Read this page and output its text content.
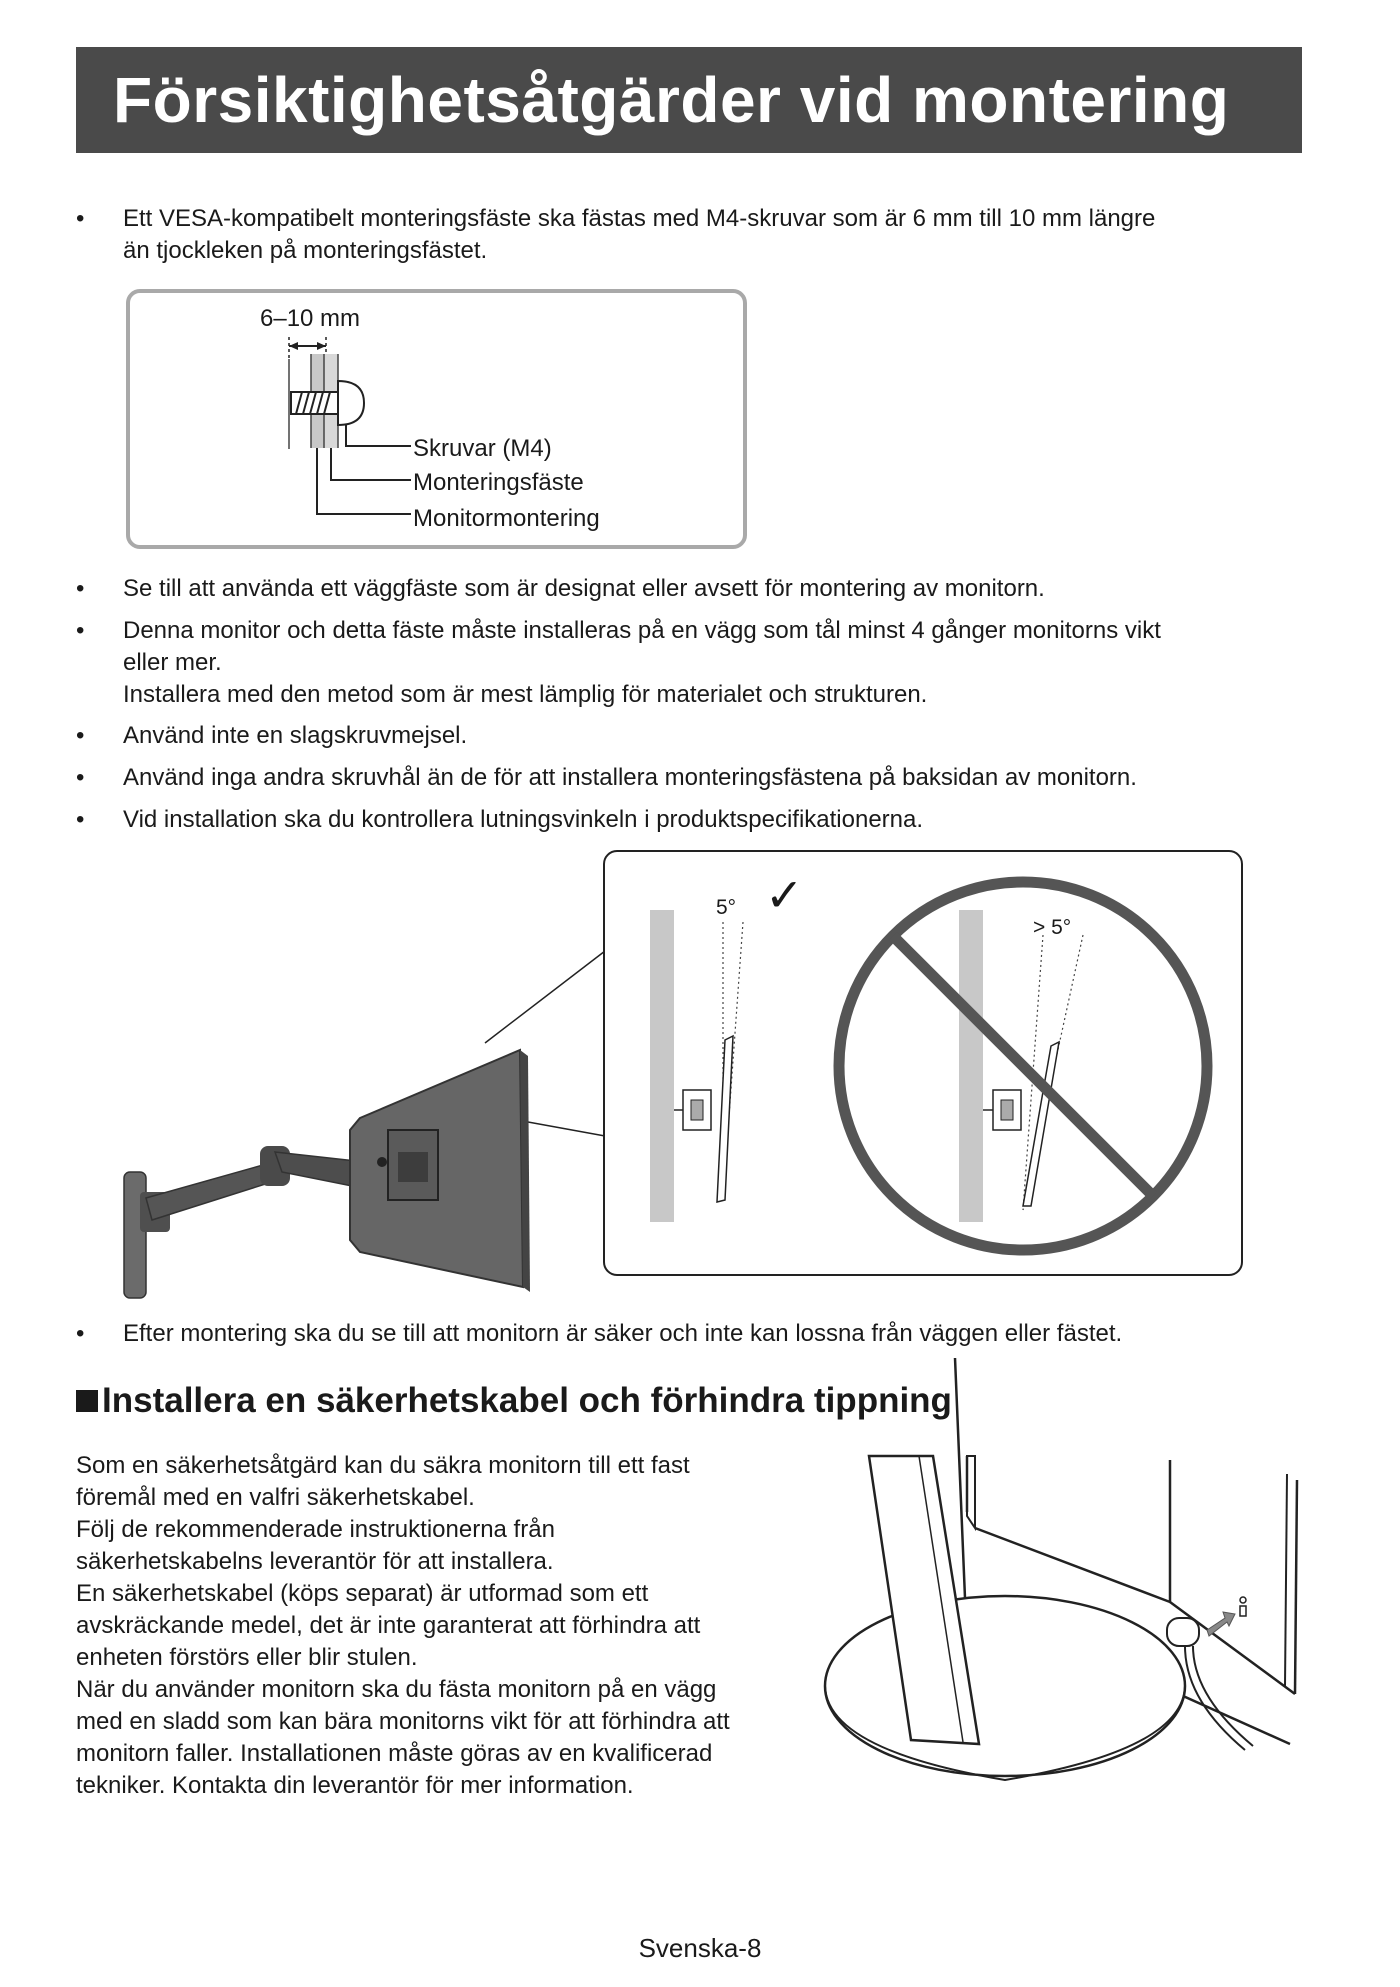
Försiktighetsåtgärder vid montering
•	Ett VESA-kompatibelt monteringsfäste ska fästas med M4-skruvar som är 6 mm till 10 mm längre

än tjockleken på monteringsfästet.

6–10 mm
Skruvar (M4)
Monteringsfäste
Monitormontering
•	Se till att använda ett väggfäste som är designat eller avsett för montering av monitorn.

•	Denna monitor och detta fäste måste installeras på en vägg som tål minst 4 gånger monitorns vikt

eller mer.

Installera med den metod som är mest lämplig för materialet och strukturen.

•	Använd inte en slagskruvmejsel.

•	Använd inga andra skruvhål än de för att installera monteringsfästena på baksidan av monitorn.

•	Vid installation ska du kontrollera lutningsvinkeln i produktspecifikationerna.

5° ✓
> 5°
•	Efter montering ska du se till att monitorn är säker och inte kan lossna från väggen eller fästet.

Installera en säkerhetskabel och förhindra tippning

Som en säkerhetsåtgärd kan du säkra monitorn till ett fast

föremål med en valfri säkerhetskabel.

Följ de rekommenderade instruktionerna från

säkerhetskabelns leverantör för att installera.

En säkerhetskabel (köps separat) är utformad som ett

avskräckande medel, det är inte garanterat att förhindra att

enheten förstörs eller blir stulen.

När du använder monitorn ska du fästa monitorn på en vägg

med en sladd som kan bära monitorns vikt för att förhindra att

monitorn faller. Installationen måste göras av en kvalificerad

tekniker. Kontakta din leverantör för mer information.

Svenska-8
